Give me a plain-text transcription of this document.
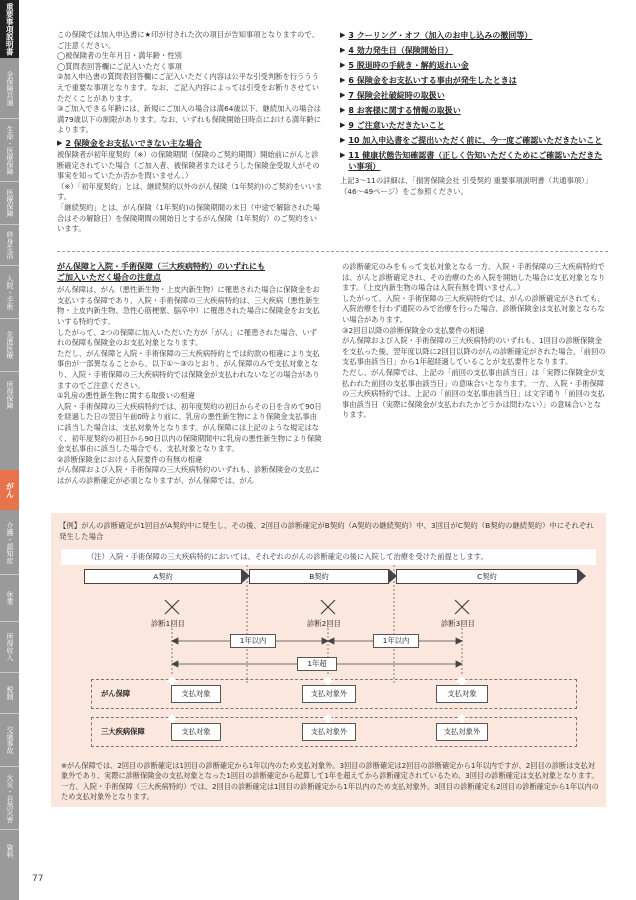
重要事項説明書
全保険共通
生命・医療保障
医療保障
終身生活
入院・手術
先進医療
所得保障
がん
介護・認知症
休業
所得収入
税制
交通事故
火災・自然災害
資料

この保険では加入申込書に★印が付された次の項目が告知事項となりますので、ご注意ください。

◯被保険者の生年月日・満年齢・性別

◯質問表回答欄にご記入いただく事項

②加入申込書の質問表回答欄にご記入いただく内容は公平な引受判断を行うううえで重要な事項となります。なお、ご記入内容によっては引受をお断りさせていただくことがあります。

③ご加入できる年齢には、新規にご加入の場合は満64歳以下、継続加入の場合は満79歳以下の制限があります。なお、いずれも保険開始日時点における満年齢によります。

▶ 2 保険金をお支払いできない主な場合

被保険者が初年度契約（※）の保険期間（保険のご契約期間）開始前にがんと診断確定されていた場合（ご加入者、被保険者またはそうした保険金受取人がその事実を知っていたか否かを問いません。）

（※）「初年度契約」とは、継続契約以外のがん保険（1年契約)のご契約をいいます。

「継続契約」とは、がん保険（1年契約)の保険期間の末日（中途で解除された場合はその解除日）を保険期間の開始日とするがん保険（1年契約）のご契約をいいます。

▶ 3 クーリング・オフ（加入のお申し込みの撤回等）
▶ 4 効力発生日（保険開始日）
▶ 5 脱退時の手続き・解約返れい金
▶ 6 保険金をお支払いする事由が発生したときは
▶ 7 保険会社破綻時の取扱い
▶ 8 お客様に関する情報の取扱い
▶ 9 ご注意いただきたいこと
▶ 10 加入申込書をご提出いただく前に、今一度ご確認いただきたいこと
▶ 11 健康状態告知確認書（正しく告知いただくためにご確認いただきたい事項）
上記3〜11の詳細は、「損害保険会社 引受契約 重要事項説明書（共通事項）」（46〜49ページ）をご参照ください。

がん保障と入院・手術保障（三大疾病特約）のいずれにも

ご加入いただく場合の注意点

がん保障は、がん（悪性新生物・上皮内新生物）に罹患された場合に保険金をお支払いする保障であり、入院・手術保障の三大疾病特約は、三大疾病（悪性新生物・上皮内新生物、急性心筋梗塞、脳卒中）に罹患された場合に保険金をお支払いする特約です。

したがって、2つの保障に加入いただいた方が「がん」に罹患された場合、いずれの保障も保険金のお支払対象となります。

ただし、がん保障と入院・手術保障の三大疾病特約とでは約款の相違により支払事由が一部異なることから、以下①〜③のとおり、がん保障のみで支払対象となり、入院・手術保障の三大疾病特約では保険金が支払われないなどの場合がありますのでご注意ください。

①乳房の悪性新生物に関する取扱いの相違

入院・手術保障の三大疾病特約では、初年度契約の初日からその日を含めて90日を経過した日の翌日午前0時より前に、乳房の悪性新生物により保険金支払事由に該当した場合は、支払対象外となります。がん保障には上記のような規定はなく、初年度契約の初日から90日以内の保険期間中に乳房の悪性新生物により保険金支払事由に該当した場合でも、支払対象となります。

②診断保険金における入院要件の有無の相違

がん保障および入院・手術保障の三大疾病特約のいずれも、診断保険金の支払にはがんの診断確定が必須となりますが、がん保障では、がん

の診断確定のみをもって支払対象となる一方、入院・手術保障の三大疾病特約では、がんと診断確定され、その治療のため入院を開始した場合に支払対象となります。（上皮内新生物の場合は入院有無を問いません。）

したがって、入院・手術保障の三大疾病特約では、がんの診断確定がされても、入院治療を行わず通院のみで治療を行った場合、診断保険金は支払対象とならない場合があります。

③2回目以降の診断保険金の支払要件の相違

がん保障および入院・手術保障の三大疾病特約のいずれも、1回目の診断保険金を支払った後、翌年度以降に2回目以降のがんの診断確定がされた場合、「前回の支払事由該当日」から1年超経過していることが支払要件となります。

ただし、がん保障では、上記の「前回の支払事由該当日」は「実際に保険金が支払われた前回の支払事由該当日」の意味合いとなります。一方、入院・手術保障の三大疾病特約では、上記の「前回の支払事由該当日」は文字通り「前回の支払事由該当日（実際に保険金が支払われたかどうかは問わない）」の意味合いとなります。

【例】がんの診断確定が1回目がA契約中に発生し、その後、2回目の診断確定がB契約（A契約の継続契約）中、3回目がC契約（B契約の継続契約）中にそれぞれ発生した場合
（注）入院・手術保障の三大疾病特約においては、それぞれのがんの診断確定の後に入院して治療を受けた前提とします。
A契約	B契約	C契約
診断1回目	診断2回目	診断3回目
1年以内	1年以内
1年超
がん保障	支払対象	支払対象外	支払対象
三大疾病保障	支払対象	支払対象外	支払対象外
※がん保障では、2回目の診断確定は1回目の診断確定から1年以内のため支払対象外。3回目の診断確定は2回目の診断確定から1年以内ですが、2回目の診断は支払対象外であり、実際に診断保険金の支払対象となった1回目の診断確定から起算して1年を超えてから診断確定されているため、3回目の診断確定は支払対象となります。一方、入院・手術保障（三大疾病特約）では、2回目の診断確定は1回目の診断確定から1年以内のため支払対象外。3回目の診断確定も2回目の診断確定から1年以内のため支払対象外となります。
77
